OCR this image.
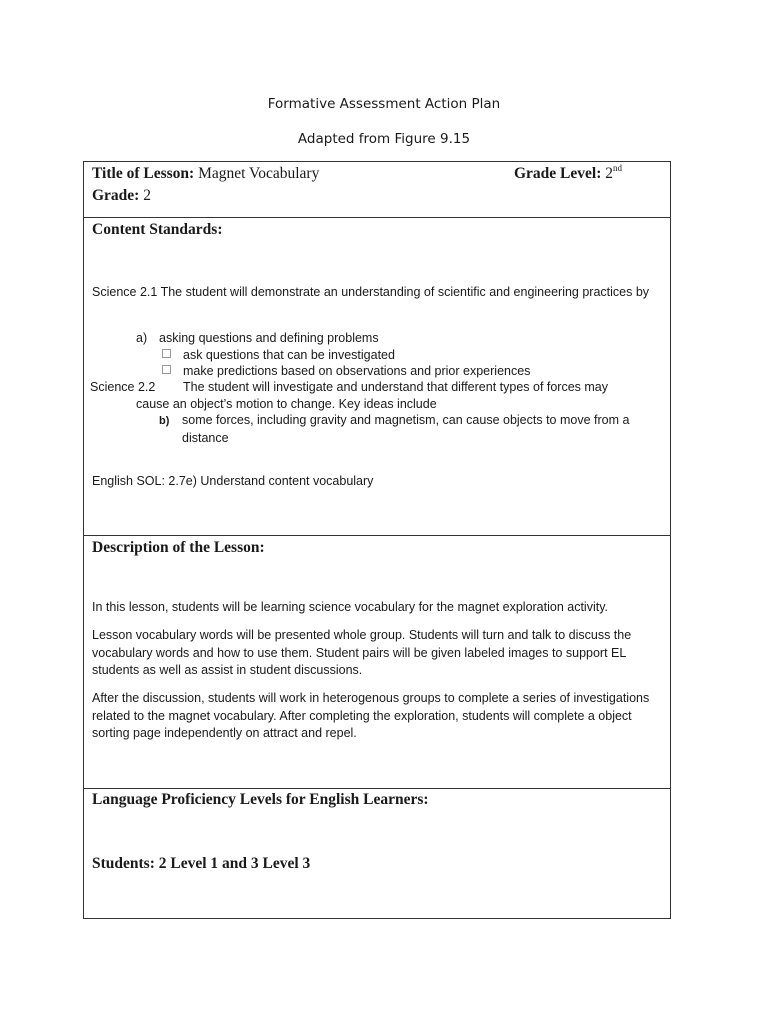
Formative Assessment Action Plan
Adapted from Figure 9.15
Title of Lesson: Magnet Vocabulary	Grade Level: 2nd
Grade: 2
Content Standards:
Science 2.1 The student will demonstrate an understanding of scientific and engineering practices by
a) asking questions and defining problems
ask questions that can be investigated
make predictions based on observations and prior experiences
Science 2.2 The student will investigate and understand that different types of forces may
cause an object’s motion to change. Key ideas include
b) some forces, including gravity and magnetism, can cause objects to move from a distance
English SOL: 2.7e) Understand content vocabulary
Description of the Lesson:
In this lesson, students will be learning science vocabulary for the magnet exploration activity.
Lesson vocabulary words will be presented whole group. Students will turn and talk to discuss the vocabulary words and how to use them. Student pairs will be given labeled images to support EL students as well as assist in student discussions.
After the discussion, students will work in heterogenous groups to complete a series of investigations related to the magnet vocabulary. After completing the exploration, students will complete a object sorting page independently on attract and repel.
Language Proficiency Levels for English Learners:
Students: 2 Level 1 and 3 Level 3
